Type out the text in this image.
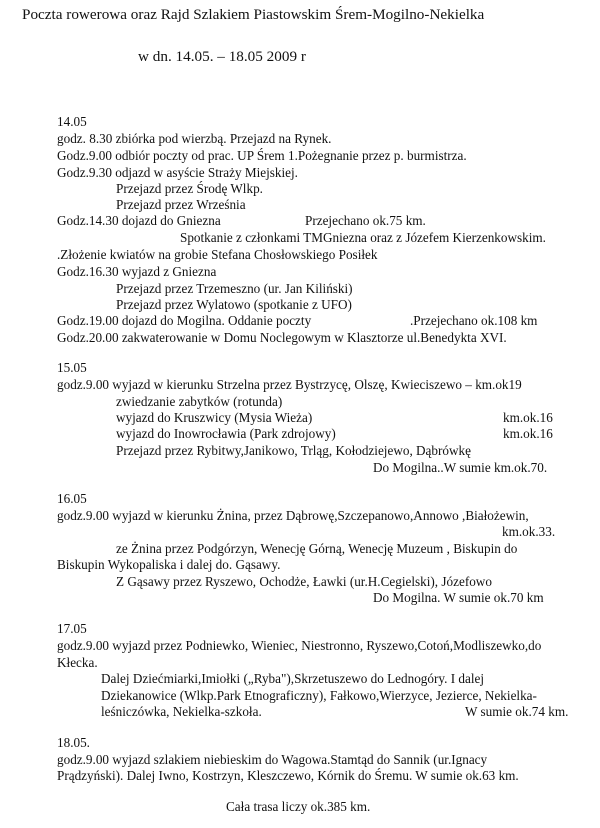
Poczta rowerowa oraz Rajd Szlakiem Piastowskim Śrem-Mogilno-Nekielka
w dn. 14.05. – 18.05 2009 r
14.05
godz. 8.30 zbiórka pod wierzbą. Przejazd na Rynek.
Godz.9.00 odbiór poczty od prac. UP Śrem 1.Pożegnanie przez p. burmistrza.
Godz.9.30 odjazd w asyście Straży Miejskiej.
Przejazd przez Środę Wlkp.
Przejazd przez Września
Godz.14.30 dojazd do Gniezna	Przejechano ok.75 km.
Spotkanie z członkami TMGniezna oraz z Józefem Kierzenkowskim.
.Złożenie kwiatów na grobie Stefana Chosłowskiego Posiłek
Godz.16.30 wyjazd z Gniezna
Przejazd przez Trzemeszno (ur. Jan Kiliński)
Przejazd przez Wylatowo (spotkanie z UFO)
Godz.19.00 dojazd do Mogilna. Oddanie poczty	.Przejechano ok.108 km
Godz.20.00 zakwaterowanie w Domu Noclegowym w Klasztorze ul.Benedykta XVI.
15.05
godz.9.00 wyjazd w kierunku Strzelna przez Bystrzycę, Olszę, Kwieciszewo – km.ok19
zwiedzanie zabytków (rotunda)
wyjazd do Kruszwicy (Mysia Wieża)	km.ok.16
wyjazd do Inowrocławia (Park zdrojowy)	km.ok.16
Przejazd przez Rybitwy,Janikowo, Trląg, Kołodziejewo, Dąbrówkę
Do Mogilna..W sumie km.ok.70.
16.05
godz.9.00 wyjazd w kierunku Żnina, przez Dąbrowę,Szczepanowo,Annowo ,Białożewin,
km.ok.33.
ze Żnina przez Podgórzyn, Wenecję Górną, Wenecję Muzeum , Biskupin do
Biskupin Wykopaliska i dalej do. Gąsawy.
Z Gąsawy przez Ryszewo, Ochodże, Ławki (ur.H.Cegielski), Józefowo
Do Mogilna. W sumie ok.70 km
17.05
godz.9.00 wyjazd przez Podniewko, Wieniec, Niestronno, Ryszewo,Cotoń,Modliszewko,do
Kłecka.
Dalej Dziećmiarki,Imiołki („Ryba"),Skrzetuszewo do Lednogóry. I dalej
Dziekanowice (Wlkp.Park Etnograficzny), Fałkowo,Wierzyce, Jezierce, Nekielka-
leśniczówka, Nekielka-szkoła.	W sumie ok.74 km.
18.05.
godz.9.00 wyjazd szlakiem niebieskim do Wagowa.Stamtąd do Sannik (ur.Ignacy
Prądzyński). Dalej Iwno, Kostrzyn, Kleszczewo, Kórnik do Śremu. W sumie ok.63 km.
Cała trasa liczy ok.385 km.
